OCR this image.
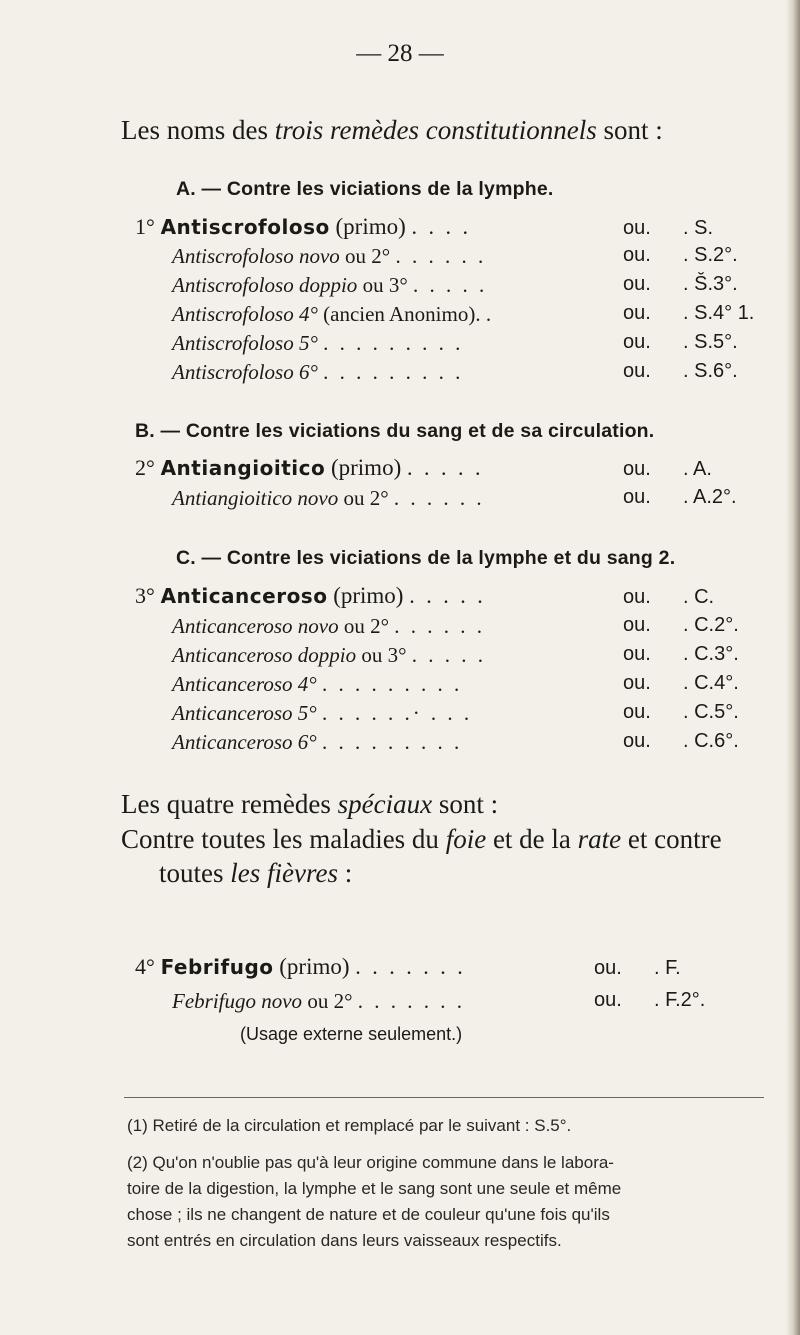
— 28 —
Les noms des trois remèdes constitutionnels sont :
A. — Contre les viciations de la lymphe.
1° Antiscrofoloso (primo) . . . .	ou. . S.
Antiscrofoloso novo ou 2° . . . . . .	ou. . S.2°.
Antiscrofoloso doppio ou 3° . . . . .	ou. . S̆.3°.
Antiscrofoloso 4° (ancien Anonimo). .	ou. . S.4° 1.
Antiscrofoloso 5° . . . . . . . . .	ou. . S.5°.
Antiscrofoloso 6° . . . . . . . . .	ou. . S.6°.
B. — Contre les viciations du sang et de sa circulation.
2° Antiangioitico (primo) . . . . .	ou. . A.
Antiangioitico novo ou 2° . . . . . .	ou. . A.2°.
C. — Contre les viciations de la lymphe et du sang 2.
3° Anticanceroso (primo) . . . . .	ou. . C.
Anticanceroso novo ou 2° . . . . . .	ou. . C.2°.
Anticanceroso doppio ou 3° . . . . .	ou. . C.3°.
Anticanceroso 4° . . . . . . . . .	ou. . C.4°.
Anticanceroso 5° . . . . . .· . . .	ou. . C.5°.
Anticanceroso 6° . . . . . . . . .	ou. . C.6°.
Les quatre remèdes spéciaux sont :
Contre toutes les maladies du foie et de la rate et contre
toutes les fièvres :
4° Febrifugo (primo) . . . . . . .	ou. . F.
Febrifugo novo ou 2° . . . . . . .	ou. . F.2°.
(Usage externe seulement.)
(1) Retiré de la circulation et remplacé par le suivant : S.5°.
(2) Qu'on n'oublie pas qu'à leur origine commune dans le labora-
toire de la digestion, la lymphe et le sang sont une seule et même
chose ; ils ne changent de nature et de couleur qu'une fois qu'ils
sont entrés en circulation dans leurs vaisseaux respectifs.
